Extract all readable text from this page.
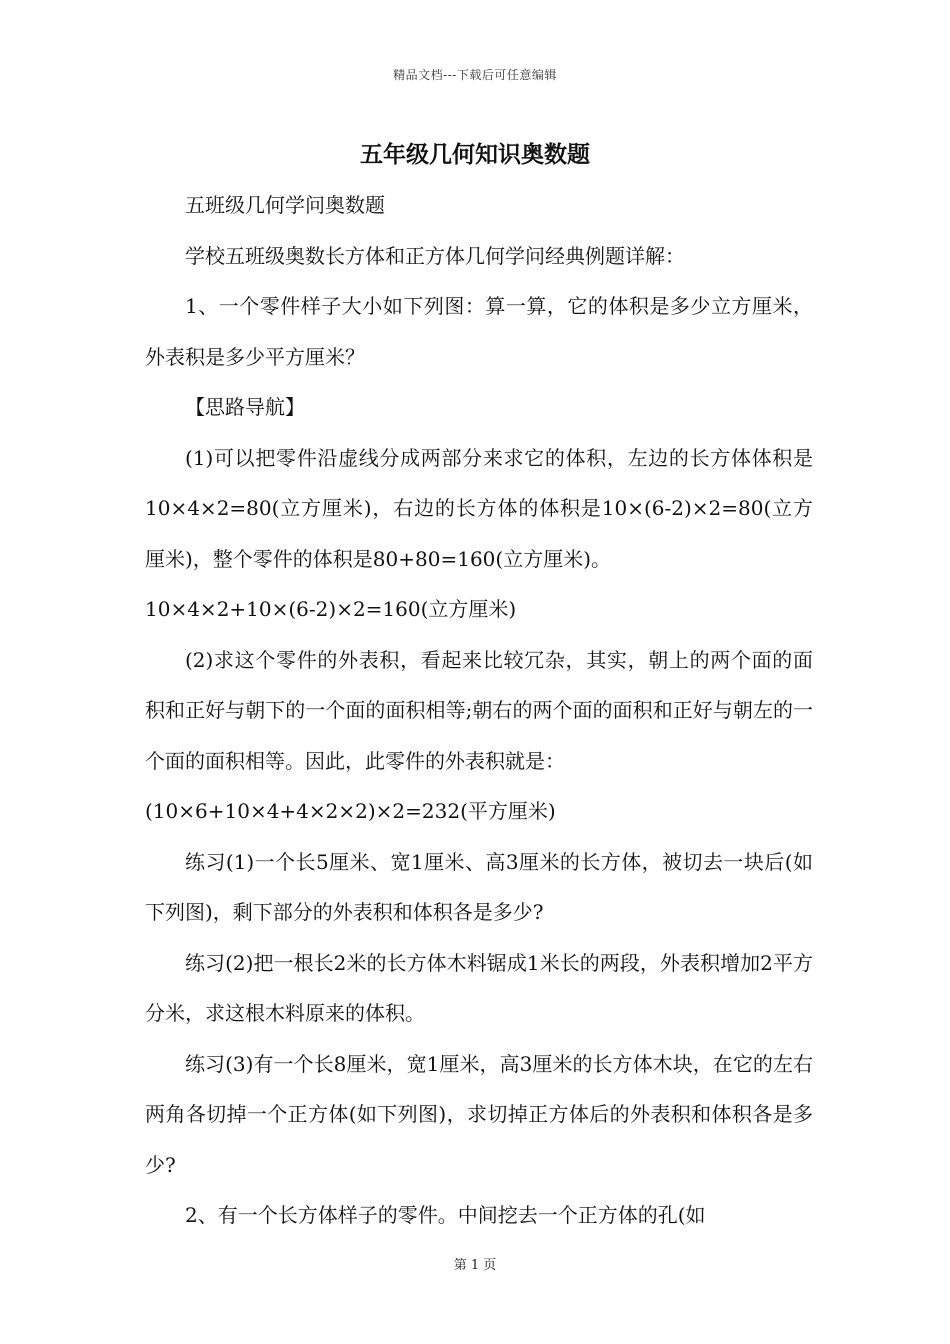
精品文档---下载后可任意编辑
五年级几何知识奥数题

五班级几何学问奥数题

学校五班级奥数长方体和正方体几何学问经典例题详解：

1、一个零件样子大小如下列图：算一算，它的体积是多少立方厘米，外表积是多少平方厘米？

【思路导航】

(1)可以把零件沿虚线分成两部分来求它的体积，左边的长方体体积是10×4×2=80(立方厘米)，右边的长方体的体积是10×(6-2)×2=80(立方厘米)，整个零件的体积是80+80=160(立方厘米)。

10×4×2+10×(6-2)×2=160(立方厘米)

(2)求这个零件的外表积，看起来比较冗杂，其实，朝上的两个面的面积和正好与朝下的一个面的面积相等;朝右的两个面的面积和正好与朝左的一个面的面积相等。因此，此零件的外表积就是：

(10×6+10×4+4×2×2)×2=232(平方厘米)

练习(1)一个长5厘米、宽1厘米、高3厘米的长方体，被切去一块后(如下列图)，剩下部分的外表积和体积各是多少?

练习(2)把一根长2米的长方体木料锯成1米长的两段，外表积增加2平方分米，求这根木料原来的体积。

练习(3)有一个长8厘米，宽1厘米，高3厘米的长方体木块，在它的左右两角各切掉一个正方体(如下列图)，求切掉正方体后的外表积和体积各是多少?

2、有一个长方体样子的零件。中间挖去一个正方体的孔(如

第 1 页
